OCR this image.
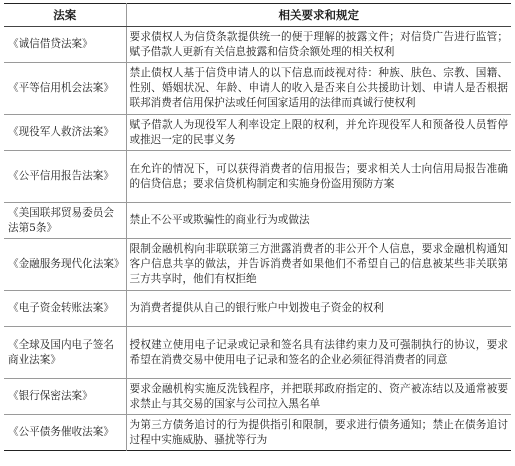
法案	相关要求和规定
《诚信借贷法案》	要求债权人为信贷条款提供统一的便于理解的披露文件；对信贷广告进行监管；赋予借款人更新有关信息披露和信贷余额处理的相关权利
《平等信用机会法案》	禁止债权人基于信贷申请人的以下信息而歧视对待：种族、肤色、宗教、国籍、性别、婚姻状况、年龄、申请人的收入是否来自公共援助计划、申请人是否根据联邦消费者信用保护法或任何国家适用的法律而真诚行使权利
《现役军人救济法案》	赋予借款人为现役军人利率设定上限的权利，并允许现役军人和预备役人员暂停或推迟一定的民事义务
《公平信用报告法案》	在允许的情况下，可以获得消费者的信用报告；要求相关人士向信用局报告准确的信贷信息；要求信贷机构制定和实施身份盗用预防方案
《美国联邦贸易委员会法第5条》	禁止不公平或欺骗性的商业行为或做法
《金融服务现代化法案》	限制金融机构向非联联第三方泄露消费者的非公开个人信息，要求金融机构通知客户信息共享的做法，并告诉消费者如果他们不希望自己的信息被某些非关联第三方共享时，他们有权拒绝
《电子资金转账法案》	为消费者提供从自己的银行账户中划拨电子资金的权利
《全球及国内电子签名商业法案》	授权建立使用电子记录或记录和签名具有法律约束力及可强制执行的协议，要求希望在消费交易中使用电子记录和签名的企业必须征得消费者的同意
《银行保密法案》	要求金融机构实施反洗钱程序，并把联邦政府指定的、资产被冻结以及通常被要求禁止与其交易的国家与公司拉入黑名单
《公平债务催收法案》	为第三方债务追讨的行为提供指引和限制，要求进行债务通知；禁止在债务追讨过程中实施威胁、骚扰等行为
